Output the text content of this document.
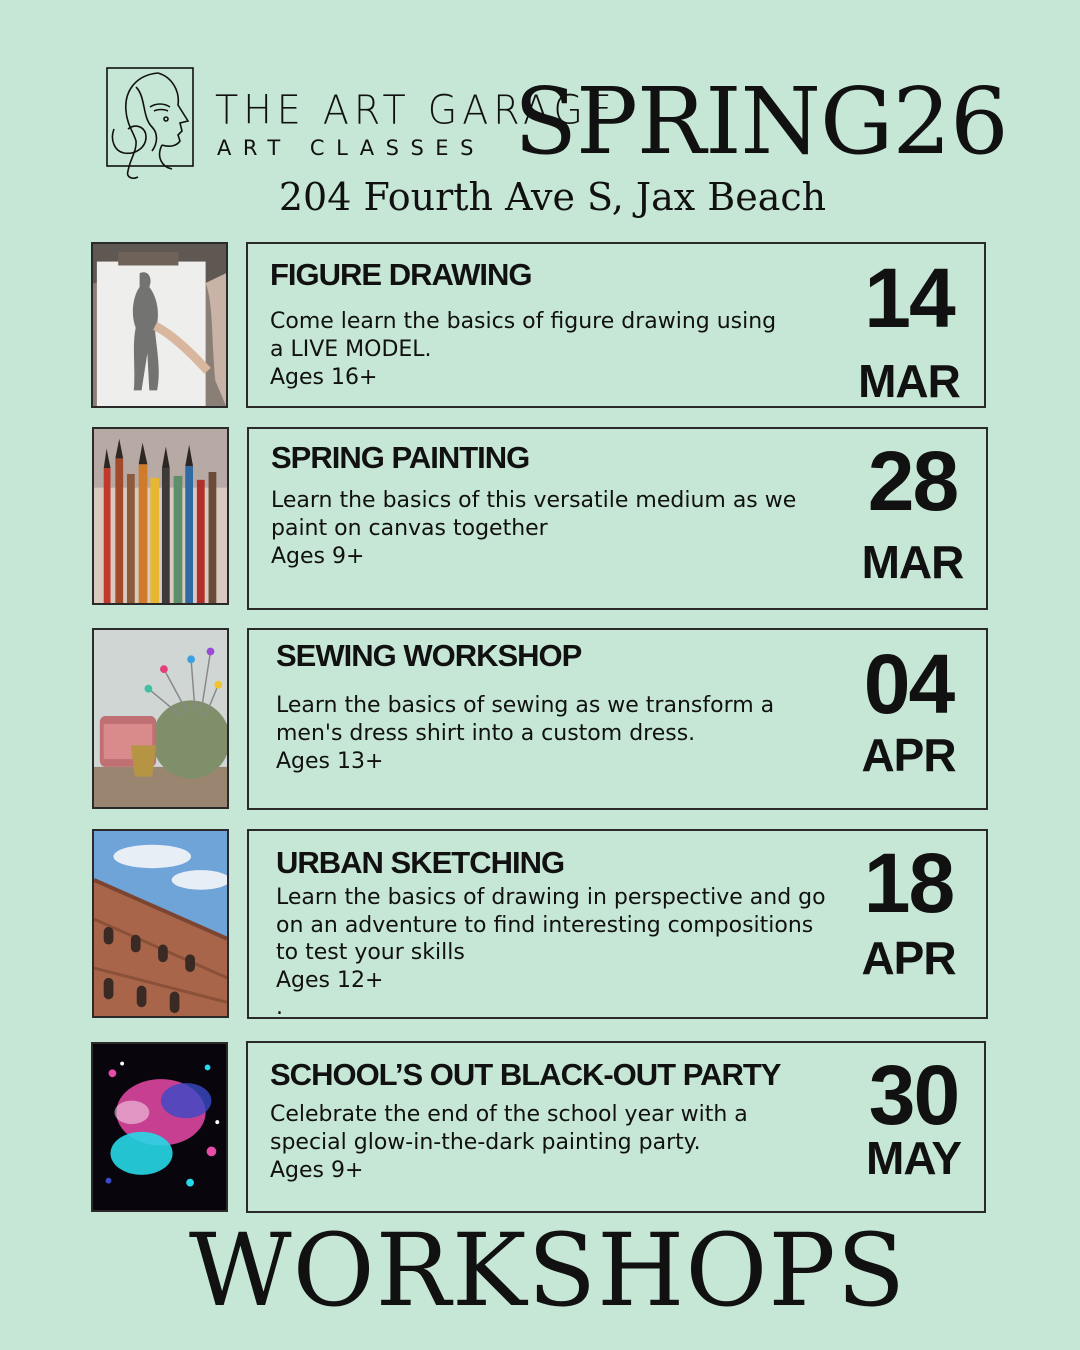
THE ART GARAGE
ART CLASSES SPRING26
204 Fourth Ave S, Jax Beach
FIGURE DRAWING
Come learn the basics of figure drawing using
a LIVE MODEL.
Ages 16+
14
MAR
SPRING PAINTING
Learn the basics of this versatile medium as we
paint on canvas together
Ages 9+
28
MAR
SEWING WORKSHOP
Learn the basics of sewing as we transform a
men's dress shirt into a custom dress.
Ages 13+
04
APR
URBAN SKETCHING
Learn the basics of drawing in perspective and go
on an adventure to find interesting compositions
to test your skills
Ages 12+
.
18
APR
SCHOOL’S OUT BLACK-OUT PARTY
Celebrate the end of the school year with a
special glow-in-the-dark painting party.
Ages 9+
30
MAY
WORKSHOPS
